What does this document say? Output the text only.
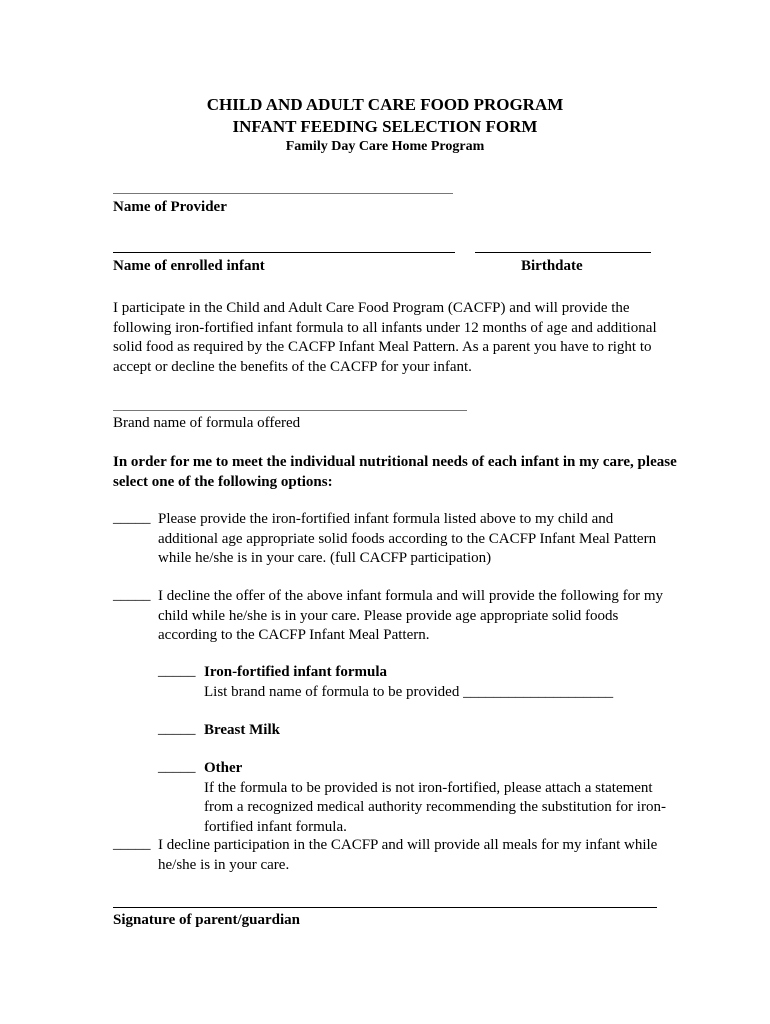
CHILD AND ADULT CARE FOOD PROGRAM
INFANT FEEDING SELECTION FORM
Family Day Care Home Program
Name of Provider
Name of enrolled infant	Birthdate
I participate in the Child and Adult Care Food Program (CACFP) and will provide the
following iron-fortified infant formula to all infants under 12 months of age and additional
solid food as required by the CACFP Infant Meal Pattern. As a parent you have to right to
accept or decline the benefits of the CACFP for your infant.
Brand name of formula offered
In order for me to meet the individual nutritional needs of each infant in my care, please
select one of the following options:
_____ Please provide the iron-fortified infant formula listed above to my child and
additional age appropriate solid foods according to the CACFP Infant Meal Pattern
while he/she is in your care. (full CACFP participation)
_____ I decline the offer of the above infant formula and will provide the following for my
child while he/she is in your care. Please provide age appropriate solid foods
according to the CACFP Infant Meal Pattern.
_____ Iron-fortified infant formula
List brand name of formula to be provided ____________________
_____ Breast Milk
_____ Other
If the formula to be provided is not iron-fortified, please attach a statement
from a recognized medical authority recommending the substitution for iron-
fortified infant formula.
_____ I decline participation in the CACFP and will provide all meals for my infant while
he/she is in your care.
Signature of parent/guardian
